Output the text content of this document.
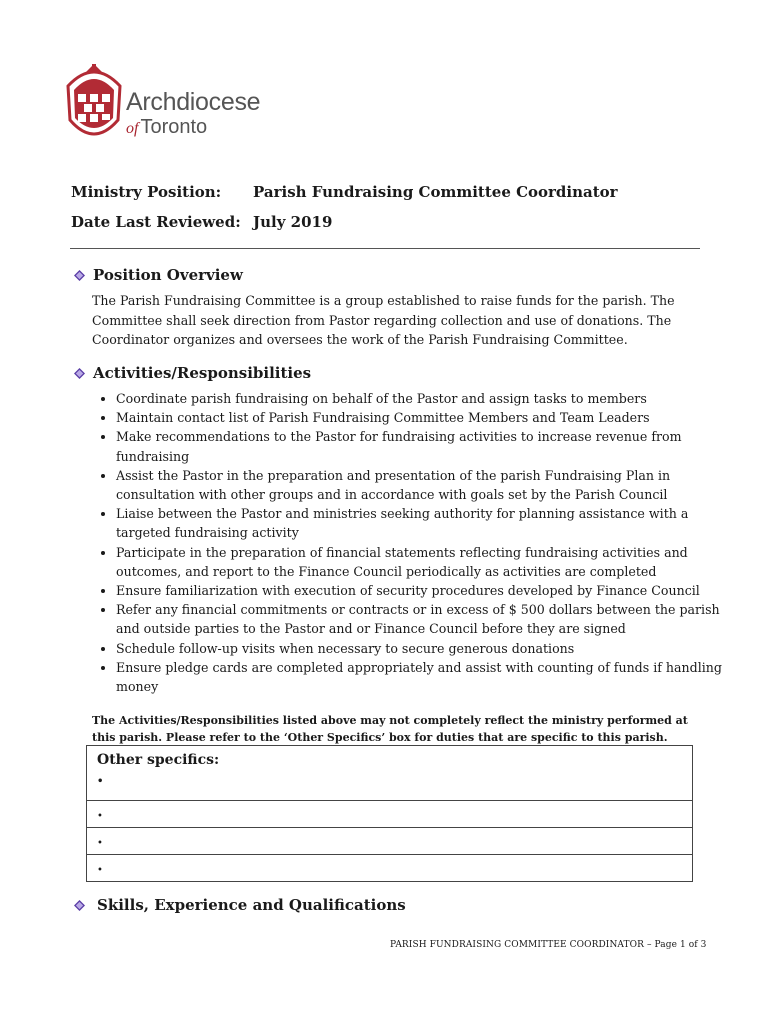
Archdiocese
of Toronto
Ministry Position: Parish Fundraising Committee Coordinator
Date Last Reviewed: July 2019
Position Overview
The Parish Fundraising Committee is a group established to raise funds for the parish. The Committee shall seek direction from Pastor regarding collection and use of donations. The Coordinator organizes and oversees the work of the Parish Fundraising Committee.
Activities/Responsibilities
• Coordinate parish fundraising on behalf of the Pastor and assign tasks to members
• Maintain contact list of Parish Fundraising Committee Members and Team Leaders
• Make recommendations to the Pastor for fundraising activities to increase revenue from fundraising
• Assist the Pastor in the preparation and presentation of the parish Fundraising Plan in consultation with other groups and in accordance with goals set by the Parish Council
• Liaise between the Pastor and ministries seeking authority for planning assistance with a targeted fundraising activity
• Participate in the preparation of financial statements reflecting fundraising activities and outcomes, and report to the Finance Council periodically as activities are completed
• Ensure familiarization with execution of security procedures developed by Finance Council
• Refer any financial commitments or contracts or in excess of $ 500 dollars between the parish and outside parties to the Pastor and or Finance Council before they are signed
• Schedule follow-up visits when necessary to secure generous donations
• Ensure pledge cards are completed appropriately and assist with counting of funds if handling money
The Activities/Responsibilities listed above may not completely reflect the ministry performed at this parish. Please refer to the ‘Other Specifics’ box for duties that are specific to this parish.
Other specifics:
•

•
•
•
Skills, Experience and Qualifications
PARISH FUNDRAISING COMMITTEE COORDINATOR – Page 1 of 3
